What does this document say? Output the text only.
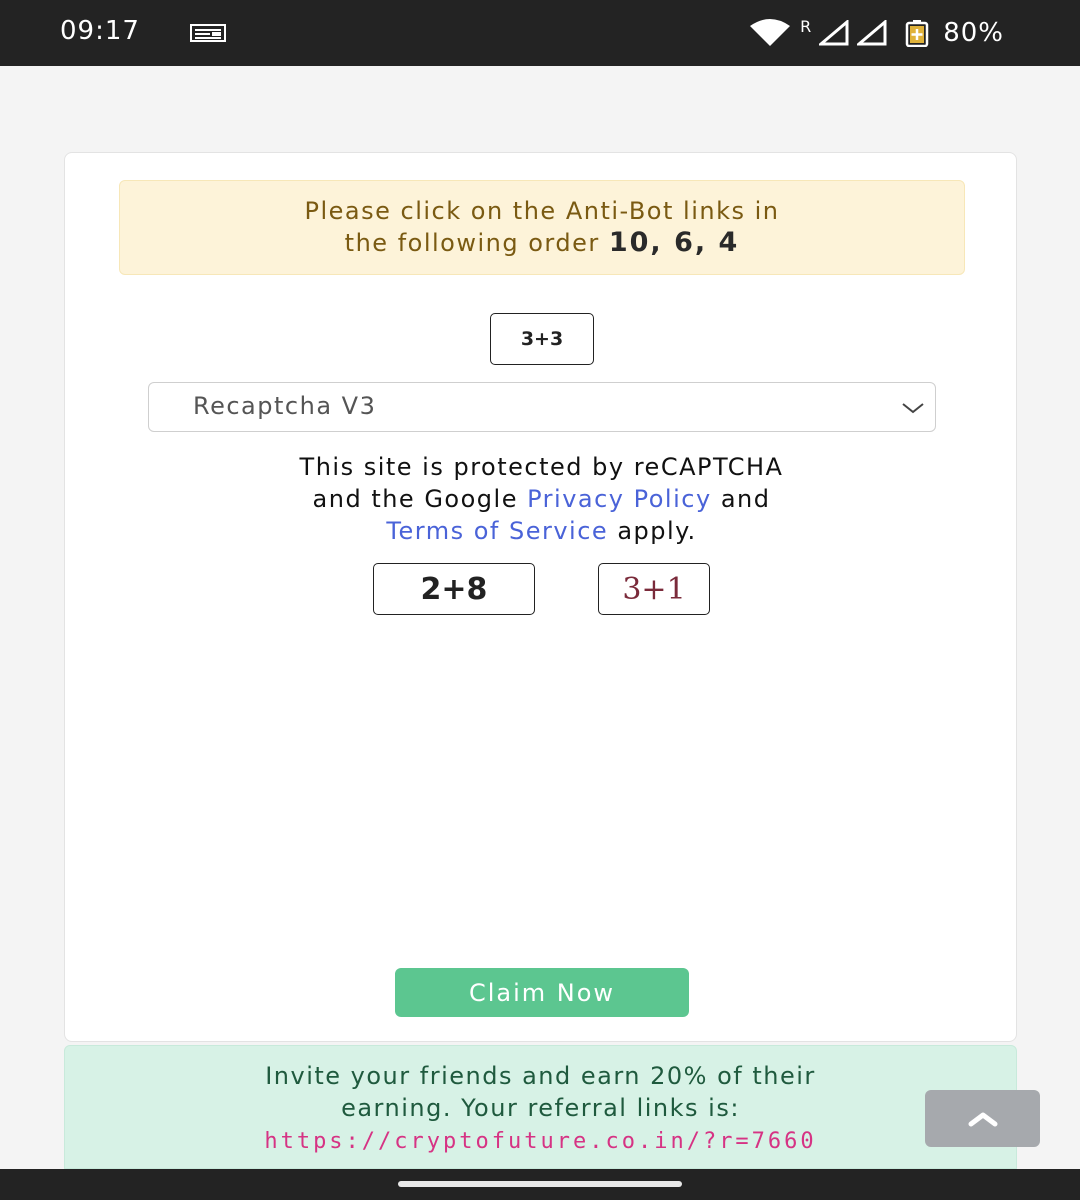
09:17	R	80%
Please click on the Anti-Bot links in
the following order 10, 6, 4
3+3
Recaptcha V3
This site is protected by reCAPTCHA
and the Google Privacy Policy and
Terms of Service apply.
2+8	3+1
Claim Now
Invite your friends and earn 20% of their
earning. Your referral links is:
https://cryptofuture.co.in/?r=7660
